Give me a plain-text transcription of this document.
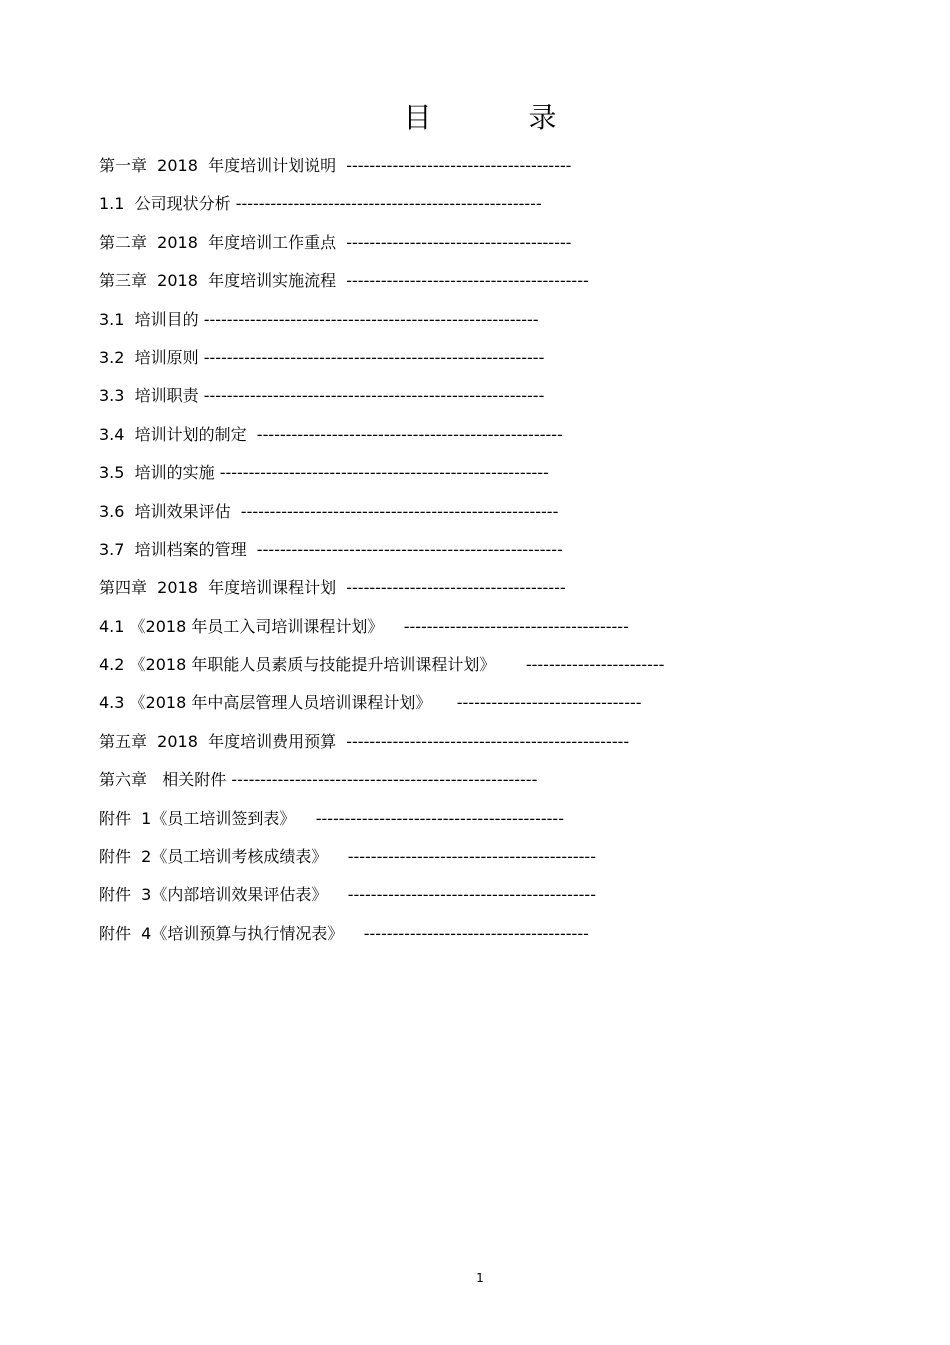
目 录
第一章  2018  年度培训计划说明  ---------------------------------------
1.1  公司现状分析 -----------------------------------------------------
第二章  2018  年度培训工作重点  ---------------------------------------
第三章  2018  年度培训实施流程  ------------------------------------------
3.1  培训目的 ----------------------------------------------------------
3.2  培训原则 -----------------------------------------------------------
3.3  培训职责 -----------------------------------------------------------
3.4  培训计划的制定  -----------------------------------------------------
3.5  培训的实施 ---------------------------------------------------------
3.6  培训效果评估  -------------------------------------------------------
3.7  培训档案的管理  -----------------------------------------------------
第四章  2018  年度培训课程计划  --------------------------------------
4.1 《2018 年员工入司培训课程计划》    ---------------------------------------
4.2 《2018 年职能人员素质与技能提升培训课程计划》      ------------------------
4.3 《2018 年中高层管理人员培训课程计划》     --------------------------------
第五章  2018  年度培训费用预算  -------------------------------------------------
第六章   相关附件 -----------------------------------------------------
附件  1《员工培训签到表》    -------------------------------------------
附件  2《员工培训考核成绩表》    -------------------------------------------
附件  3《内部培训效果评估表》    -------------------------------------------
附件  4《培训预算与执行情况表》    ---------------------------------------
1
